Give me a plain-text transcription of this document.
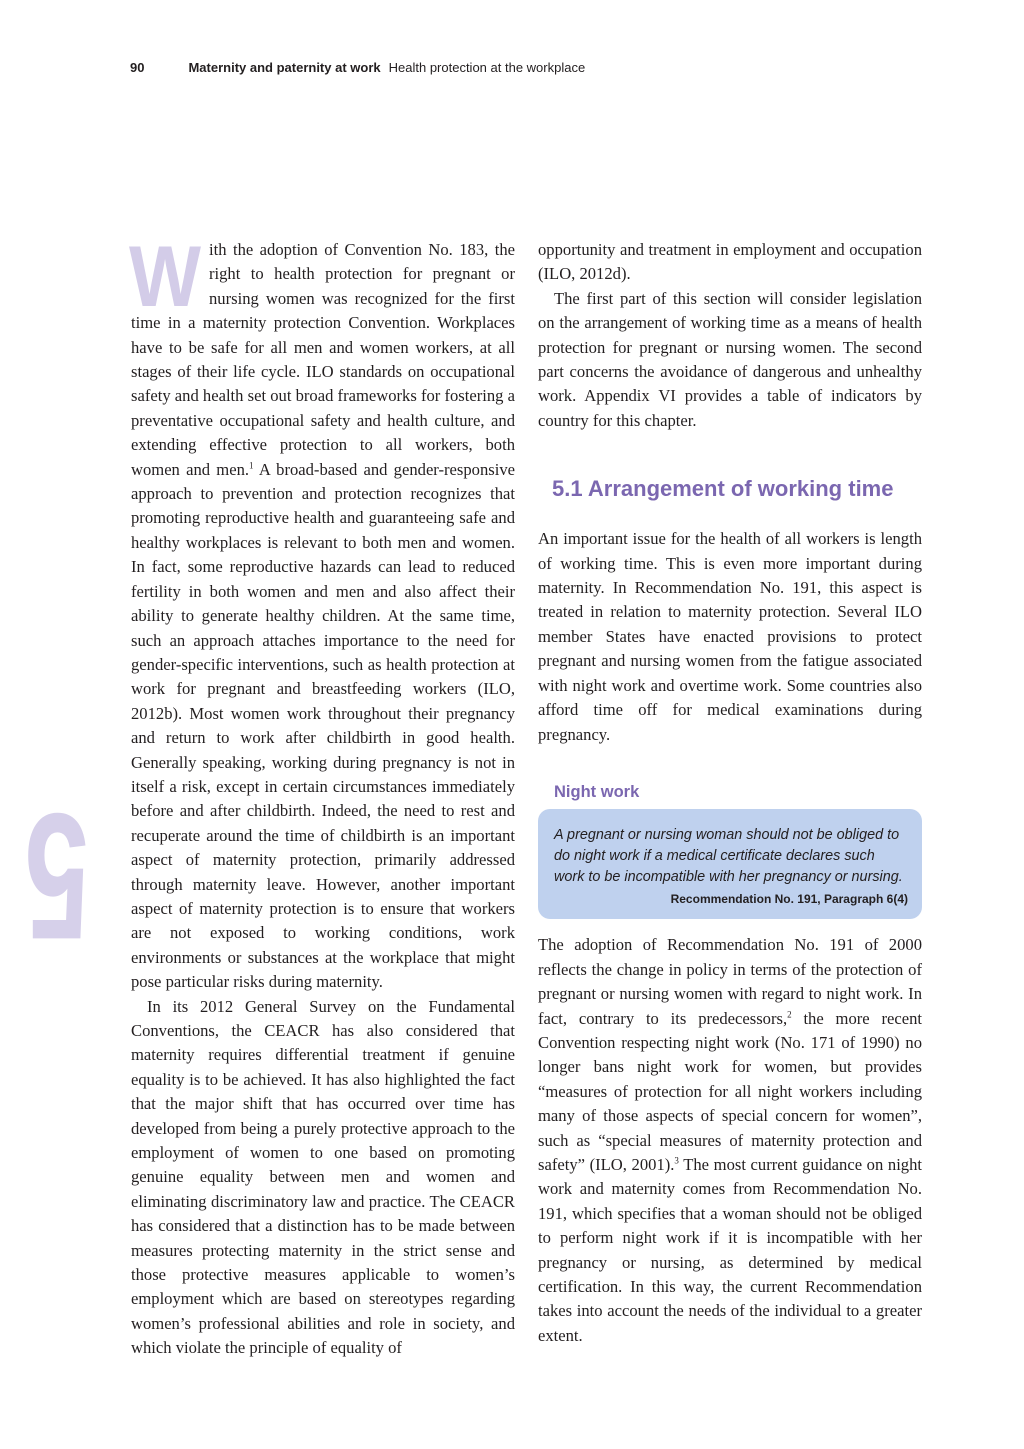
90	Maternity and paternity at work Health protection at the workplace
5

W ith the adoption of Convention No. 183, the right to health protection for pregnant or nursing women was recognized for the first time in a maternity protection Convention. Workplaces have to be safe for all men and women workers, at all stages of their life cycle. ILO standards on occupational safety and health set out broad frameworks for fostering a preventative occupational safety and health culture, and extending effective protection to all workers, both women and men.$^1$ A broad-based and gender-responsive approach to prevention and protection recognizes that promoting reproductive health and guaranteeing safe and healthy workplaces is relevant to both men and women. In fact, some reproductive hazards can lead to reduced fertility in both women and men and also affect their ability to generate healthy children. At the same time, such an approach attaches importance to the need for gender-specific interventions, such as health protection at work for pregnant and breastfeeding workers (ILO, 2012b). Most women work throughout their pregnancy and return to work after childbirth in good health. Generally speaking, working during pregnancy is not in itself a risk, except in certain circumstances immediately before and after childbirth. Indeed, the need to rest and recuperate around the time of childbirth is an important aspect of maternity protection, primarily addressed through maternity leave. However, another important aspect of maternity protection is to ensure that workers are not exposed to working conditions, work environments or substances at the workplace that might pose particular risks during maternity.

In its 2012 General Survey on the Fundamental Conventions, the CEACR has also considered that maternity requires differential treatment if genuine equality is to be achieved. It has also highlighted the fact that the major shift that has occurred over time has developed from being a purely protective approach to the employment of women to one based on promoting genuine equality between men and women and eliminating discriminatory law and practice. The CEACR has considered that a distinction has to be made between measures protecting maternity in the strict sense and those protective measures applicable to women’s employment which are based on stereotypes regarding women’s professional abilities and role in society, and which violate the principle of equality of

opportunity and treatment in employment and occupation (ILO, 2012d).

The first part of this section will consider legislation on the arrangement of working time as a means of health protection for pregnant or nursing women. The second part concerns the avoidance of dangerous and unhealthy work. Appendix VI provides a table of indicators by country for this chapter.

5.1 Arrangement of working time

An important issue for the health of all workers is length of working time. This is even more important during maternity. In Recommendation No. 191, this aspect is treated in relation to maternity protection. Several ILO member States have enacted provisions to protect pregnant and nursing women from the fatigue associated with night work and overtime work. Some countries also afford time off for medical examinations during pregnancy.

Night work
A pregnant or nursing woman should not be obliged to do night work if a medical certificate declares such work to be incompatible with her pregnancy or nursing.
Recommendation No. 191, Paragraph 6(4)

The adoption of Recommendation No. 191 of 2000 reflects the change in policy in terms of the protection of pregnant or nursing women with regard to night work. In fact, contrary to its predecessors,$^2$ the more recent Convention respecting night work (No. 171 of 1990) no longer bans night work for women, but provides “measures of protection for all night workers including many of those aspects of special concern for women”, such as “special measures of maternity protection and safety” (ILO, 2001).$^3$ The most current guidance on night work and maternity comes from Recommendation No. 191, which specifies that a woman should not be obliged to perform night work if it is incompatible with her pregnancy or nursing, as determined by medical certification. In this way, the current Recommendation takes into account the needs of the individual to a greater extent.
